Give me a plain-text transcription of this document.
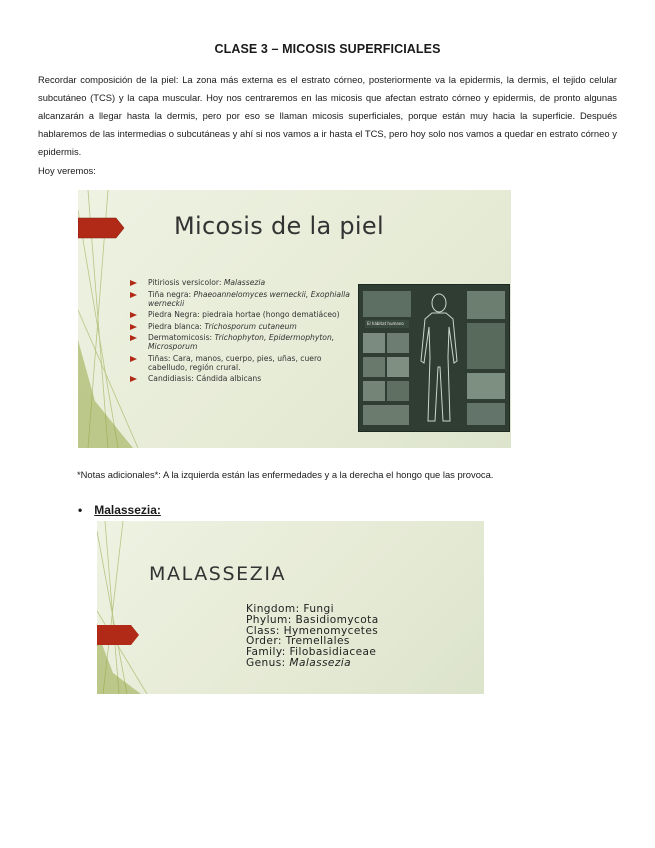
CLASE 3 – MICOSIS SUPERFICIALES

Recordar composición de la piel: La zona más externa es el estrato córneo, posteriormente va la epidermis, la dermis, el tejido celular subcutáneo (TCS) y la capa muscular. Hoy nos centraremos en las micosis que afectan estrato córneo y epidermis, de pronto algunas alcanzarán a llegar hasta la dermis, pero por eso se llaman micosis superficiales, porque están muy hacia la superficie. Después hablaremos de las intermedias o subcutáneas y ahí si nos vamos a ir hasta el TCS, pero hoy solo nos vamos a quedar en estrato córneo y epidermis.

Hoy veremos:
Micosis de la piel
Pitiriosis versicolor: Malassezia
Tiña negra: Phaeoannelomyces werneckii, Exophialla werneckii
Piedra Negra: piedraia hortae (hongo dematiáceo)
Piedra blanca: Trichosporum cutaneum
Dermatomicosis: Trichophyton, Epidermophyton, Microsporum
Tiñas: Cara, manos, cuerpo, pies, uñas, cuero cabelludo, región crural.
Candidiasis: Cándida albicans
El hábitat humano
*Notas adicionales*: A la izquierda están las enfermedades y a la derecha el hongo que las provoca.
• Malassezia:
MALASSEZIA
Kingdom: Fungi
Phylum: Basidiomycota
Class: Hymenomycetes
Order: Tremellales
Family: Filobasidiaceae
Genus: Malassezia
